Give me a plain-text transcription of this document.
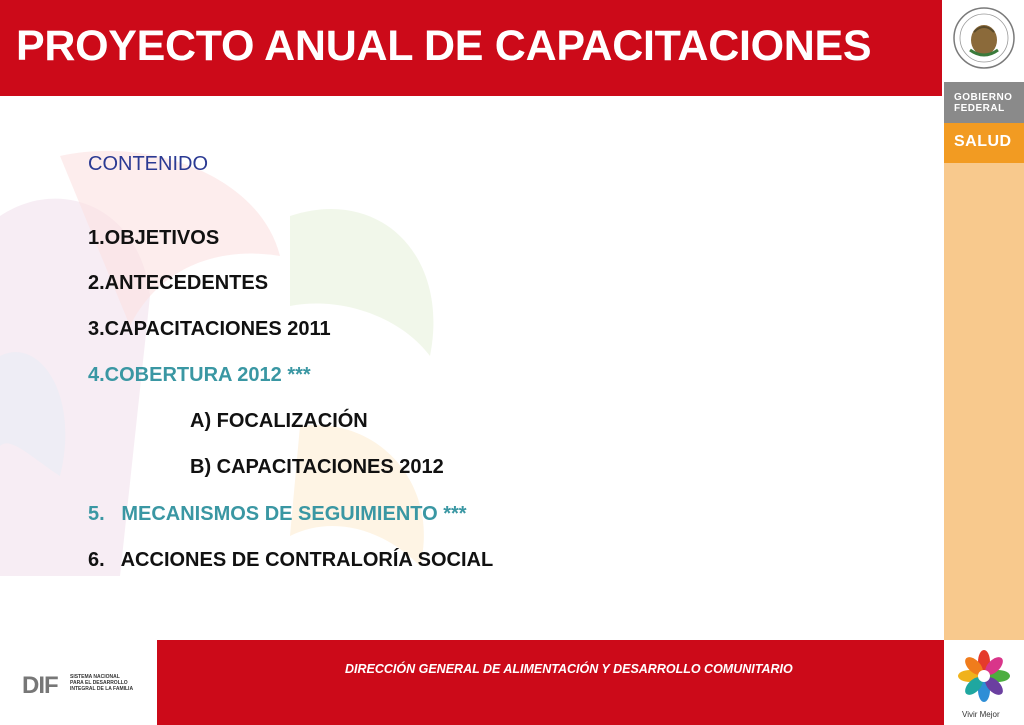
PROYECTO ANUAL DE CAPACITACIONES
GOBIERNO FEDERAL
SALUD
Vivir Mejor
CONTENIDO
1.OBJETIVOS
2.ANTECEDENTES
3.CAPACITACIONES 2011
4.COBERTURA 2012 ***
A) FOCALIZACIÓN
B) CAPACITACIONES 2012
5.   MECANISMOS DE SEGUIMIENTO ***
6.   ACCIONES DE CONTRALORÍA SOCIAL
DIF SISTEMA NACIONAL
PARA EL DESARROLLO
INTEGRAL DE LA FAMILIA
DIRECCIÓN GENERAL DE ALIMENTACIÓN Y DESARROLLO COMUNITARIO
